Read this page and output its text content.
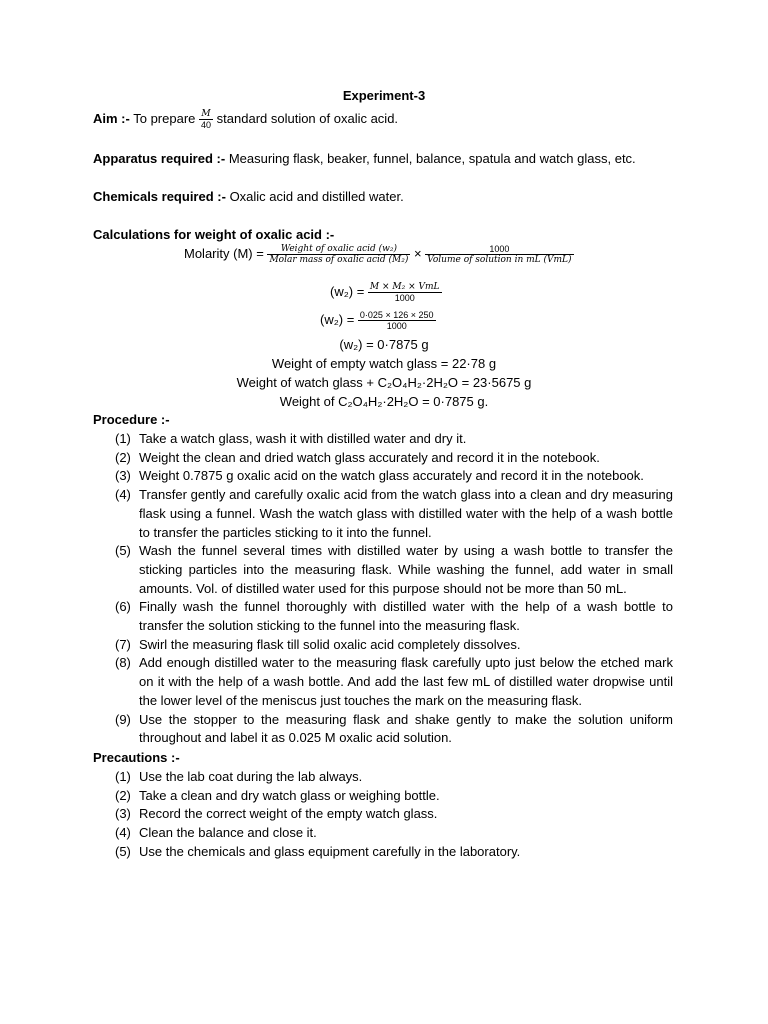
Experiment-3
Aim :- To prepare $\frac{M}{40}$ standard solution of oxalic acid.
Apparatus required :- Measuring flask, beaker, funnel, balance, spatula and watch glass, etc.
Chemicals required :- Oxalic acid and distilled water.
Calculations for weight of oxalic acid :-
Molarity $(M) = \frac{\text{Weight of oxalic acid (w₂)}}{\text{Molar mass of oxalic acid (M₂)}} \times \frac{1000}{\text{Volume of solution in mL (VmL)}}$
$(w_2) = \frac{\text{M × M₂ × VmL}}{1000}$
$(w_2) = \frac{0\cdot 025 \times 126 \times 250}{1000}$
(w₂) = 0·7875 g
Weight of empty watch glass = 22·78 g
Weight of watch glass + C₂O₄H₂·2H₂O = 23·5675 g
Weight of C₂O₄H₂·2H₂O = 0·7875 g.
Procedure :-
(1) Take a watch glass, wash it with distilled water and dry it.
(2) Weight the clean and dried watch glass accurately and record it in the notebook.
(3) Weight 0.7875 g oxalic acid on the watch glass accurately and record it in the notebook.
(4) Transfer gently and carefully oxalic acid from the watch glass into a clean and dry measuring flask using a funnel. Wash the watch glass with distilled water with the help of a wash bottle to transfer the particles sticking to it into the funnel.
(5) Wash the funnel several times with distilled water by using a wash bottle to transfer the sticking particles into the measuring flask. While washing the funnel, add water in small amounts. Vol. of distilled water used for this purpose should not be more than 50 mL.
(6) Finally wash the funnel thoroughly with distilled water with the help of a wash bottle to transfer the solution sticking to the funnel into the measuring flask.
(7) Swirl the measuring flask till solid oxalic acid completely dissolves.
(8) Add enough distilled water to the measuring flask carefully upto just below the etched mark on it with the help of a wash bottle. And add the last few mL of distilled water dropwise until the lower level of the meniscus just touches the mark on the measuring flask.
(9) Use the stopper to the measuring flask and shake gently to make the solution uniform throughout and label it as 0.025 M oxalic acid solution.
Precautions :-
(1) Use the lab coat during the lab always.
(2) Take a clean and dry watch glass or weighing bottle.
(3) Record the correct weight of the empty watch glass.
(4) Clean the balance and close it.
(5) Use the chemicals and glass equipment carefully in the laboratory.
